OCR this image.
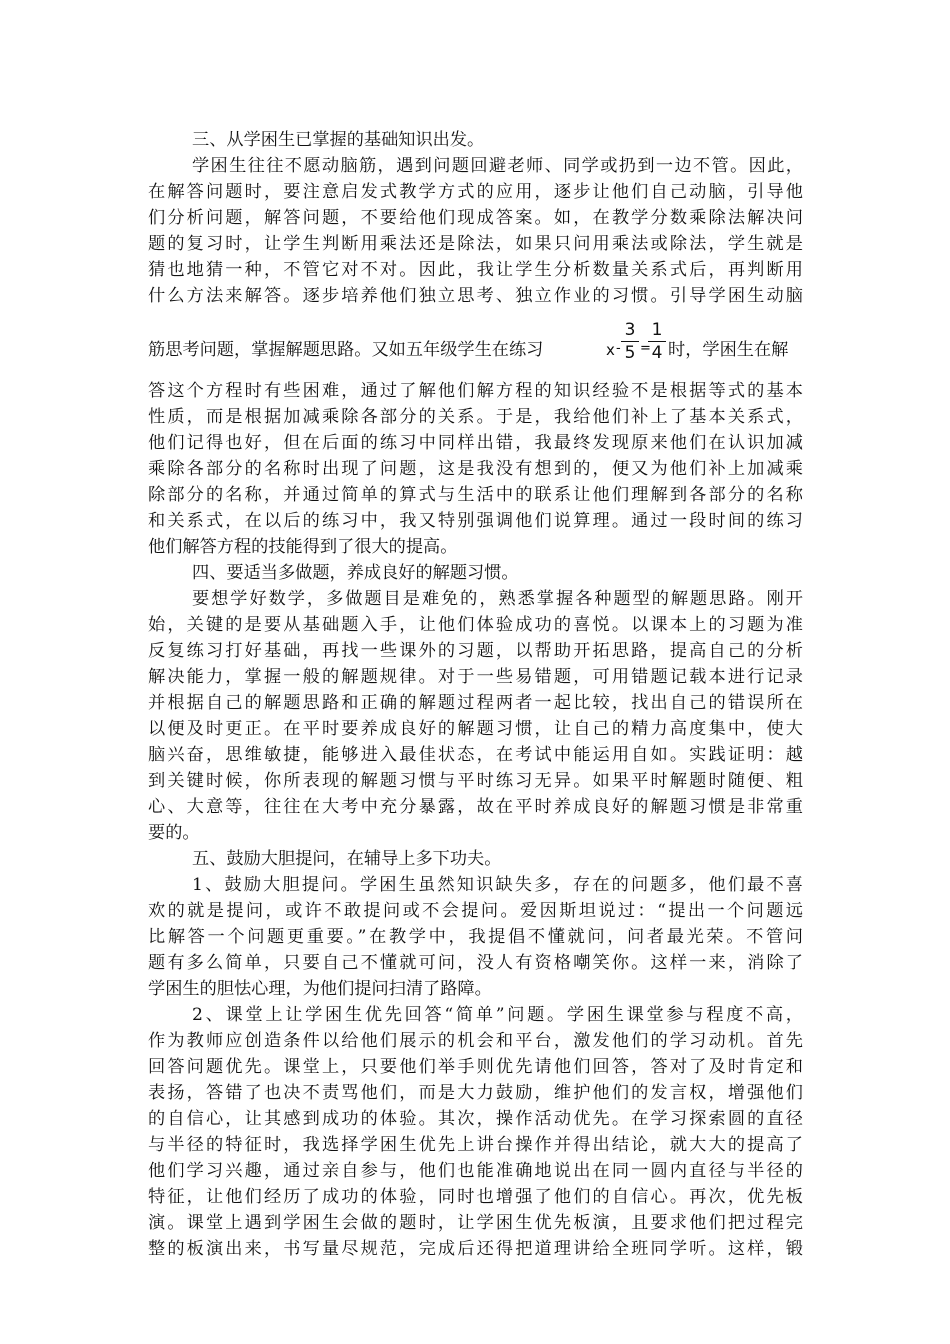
三、从学困生已掌握的基础知识出发。
学困生往往不愿动脑筋，遇到问题回避老师、同学或扔到一边不管。因此，
在解答问题时，要注意启发式教学方式的应用，逐步让他们自己动脑，引导他
们分析问题，解答问题，不要给他们现成答案。如，在教学分数乘除法解决问
题的复习时，让学生判断用乘法还是除法，如果只问用乘法或除法，学生就是
猜也地猜一种，不管它对不对。因此，我让学生分析数量关系式后，再判断用
什么方法来解答。逐步培养他们独立思考、独立作业的习惯。引导学困生动脑
筋思考问题，掌握解题思路。又如五年级学生在练习	x - $\frac{3}{5}$ =
$\frac{1}{4}$ 时，学困生在解
答这个方程时有些困难，通过了解他们解方程的知识经验不是根据等式的基本
性质，而是根据加减乘除各部分的关系。于是，我给他们补上了基本关系式，
他们记得也好，但在后面的练习中同样出错，我最终发现原来他们在认识加减
乘除各部分的名称时出现了问题，这是我没有想到的，便又为他们补上加减乘
除部分的名称，并通过简单的算式与生活中的联系让他们理解到各部分的名称
和关系式，在以后的练习中，我又特别强调他们说算理。通过一段时间的练习
他们解答方程的技能得到了很大的提高。
四、要适当多做题，养成良好的解题习惯。
要想学好数学，多做题目是难免的，熟悉掌握各种题型的解题思路。刚开
始，关键的是要从基础题入手，让他们体验成功的喜悦。以课本上的习题为准
反复练习打好基础，再找一些课外的习题，以帮助开拓思路，提高自己的分析
解决能力，掌握一般的解题规律。对于一些易错题，可用错题记载本进行记录
并根据自己的解题思路和正确的解题过程两者一起比较，找出自己的错误所在
以便及时更正。在平时要养成良好的解题习惯，让自己的精力高度集中，使大
脑兴奋，思维敏捷，能够进入最佳状态，在考试中能运用自如。实践证明：越
到关键时候，你所表现的解题习惯与平时练习无异。如果平时解题时随便、粗
心、大意等，往往在大考中充分暴露，故在平时养成良好的解题习惯是非常重
要的。
五、鼓励大胆提问，在辅导上多下功夫。
1、鼓励大胆提问。学困生虽然知识缺失多，存在的问题多，他们最不喜
欢的就是提问，或许不敢提问或不会提问。爱因斯坦说过：“提出一个问题远
比解答一个问题更重要。”在教学中，我提倡不懂就问，问者最光荣。不管问
题有多么简单，只要自己不懂就可问，没人有资格嘲笑你。这样一来，消除了
学困生的胆怯心理，为他们提问扫清了路障。
2、课堂上让学困生优先回答“简单”问题。学困生课堂参与程度不高，
作为教师应创造条件以给他们展示的机会和平台，激发他们的学习动机。首先
回答问题优先。课堂上，只要他们举手则优先请他们回答，答对了及时肯定和
表扬，答错了也决不责骂他们，而是大力鼓励，维护他们的发言权，增强他们
的自信心，让其感到成功的体验。其次，操作活动优先。在学习探索圆的直径
与半径的特征时，我选择学困生优先上讲台操作并得出结论，就大大的提高了
他们学习兴趣，通过亲自参与，他们也能准确地说出在同一圆内直径与半径的
特征，让他们经历了成功的体验，同时也增强了他们的自信心。再次，优先板
演。课堂上遇到学困生会做的题时，让学困生优先板演，且要求他们把过程完
整的板演出来，书写量尽规范，完成后还得把道理讲给全班同学听。这样，锻
